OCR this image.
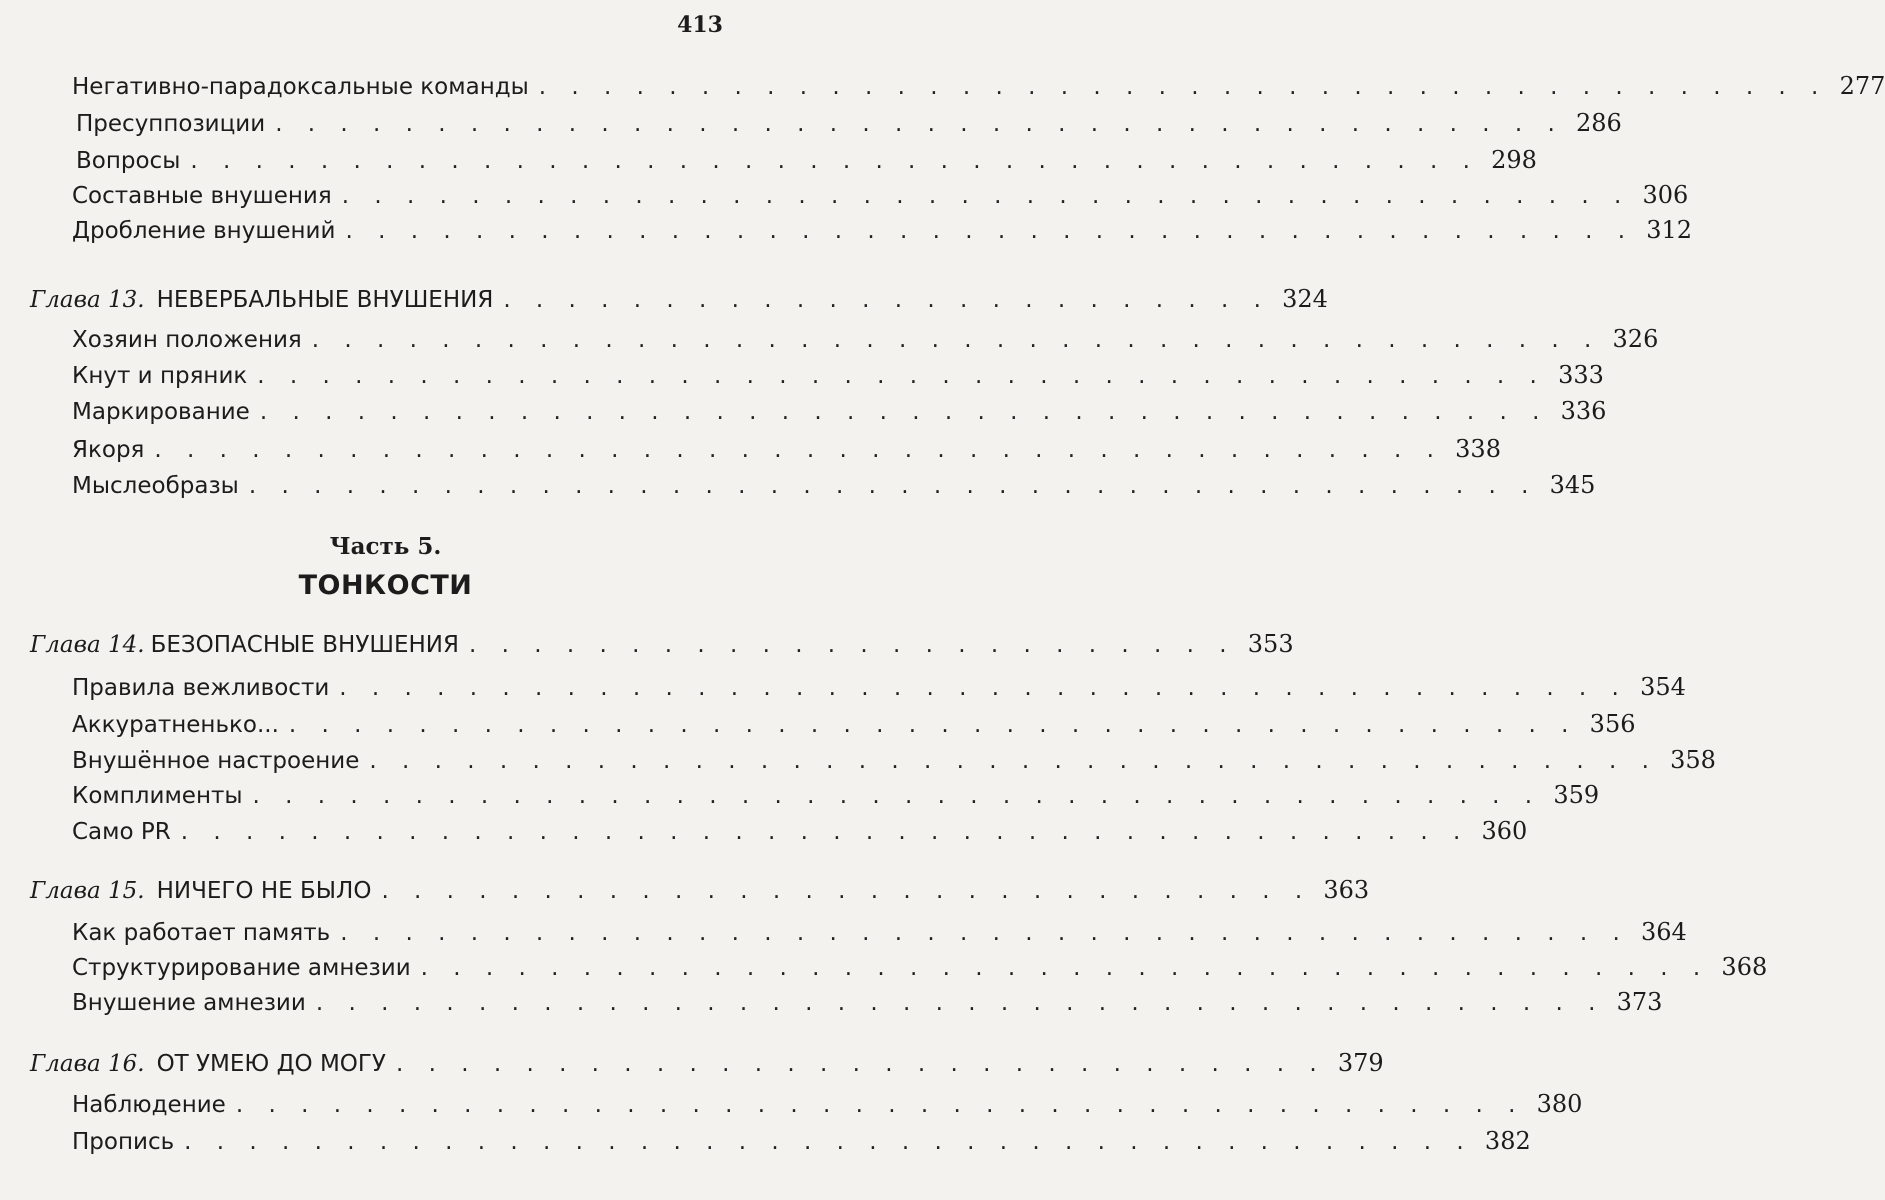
413
Негативно-парадоксальные команды . . . . . . . . . . . . . . . . . . . . . . . . . . . . . . . . . . . . . . . . 277
Пресуппозиции . . . . . . . . . . . . . . . . . . . . . . . . . . . . . . . . . . . . . . . . 286
Вопросы . . . . . . . . . . . . . . . . . . . . . . . . . . . . . . . . . . . . . . . . 298
Составные внушения . . . . . . . . . . . . . . . . . . . . . . . . . . . . . . . . . . . . . . . . 306
Дробление внушений . . . . . . . . . . . . . . . . . . . . . . . . . . . . . . . . . . . . . . . . 312
Глава 13. НЕВЕРБАЛЬНЫЕ ВНУШЕНИЯ . . . . . . . . . . . . . . . . . . . . . . . . 324
Хозяин положения . . . . . . . . . . . . . . . . . . . . . . . . . . . . . . . . . . . . . . . . 326
Кнут и пряник . . . . . . . . . . . . . . . . . . . . . . . . . . . . . . . . . . . . . . . . 333
Маркирование . . . . . . . . . . . . . . . . . . . . . . . . . . . . . . . . . . . . . . . . 336
Якоря . . . . . . . . . . . . . . . . . . . . . . . . . . . . . . . . . . . . . . . . 338
Мыслеобразы . . . . . . . . . . . . . . . . . . . . . . . . . . . . . . . . . . . . . . . . 345
Часть 5.
ТОНКОСТИ
Глава 14. БЕЗОПАСНЫЕ ВНУШЕНИЯ . . . . . . . . . . . . . . . . . . . . . . . . 353
Правила вежливости . . . . . . . . . . . . . . . . . . . . . . . . . . . . . . . . . . . . . . . . 354
Аккуратненько... . . . . . . . . . . . . . . . . . . . . . . . . . . . . . . . . . . . . . . . . 356
Внушённое настроение . . . . . . . . . . . . . . . . . . . . . . . . . . . . . . . . . . . . . . . . 358
Комплименты . . . . . . . . . . . . . . . . . . . . . . . . . . . . . . . . . . . . . . . . 359
Само PR . . . . . . . . . . . . . . . . . . . . . . . . . . . . . . . . . . . . . . . . 360
Глава 15. НИЧЕГО НЕ БЫЛО . . . . . . . . . . . . . . . . . . . . . . . . . . . . . 363
Как работает память . . . . . . . . . . . . . . . . . . . . . . . . . . . . . . . . . . . . . . . . 364
Структурирование амнезии . . . . . . . . . . . . . . . . . . . . . . . . . . . . . . . . . . . . . . . . 368
Внушение амнезии . . . . . . . . . . . . . . . . . . . . . . . . . . . . . . . . . . . . . . . . 373
Глава 16. ОТ УМЕЮ ДО МОГУ . . . . . . . . . . . . . . . . . . . . . . . . . . . . . 379
Наблюдение . . . . . . . . . . . . . . . . . . . . . . . . . . . . . . . . . . . . . . . . 380
Пропись . . . . . . . . . . . . . . . . . . . . . . . . . . . . . . . . . . . . . . . . 382
